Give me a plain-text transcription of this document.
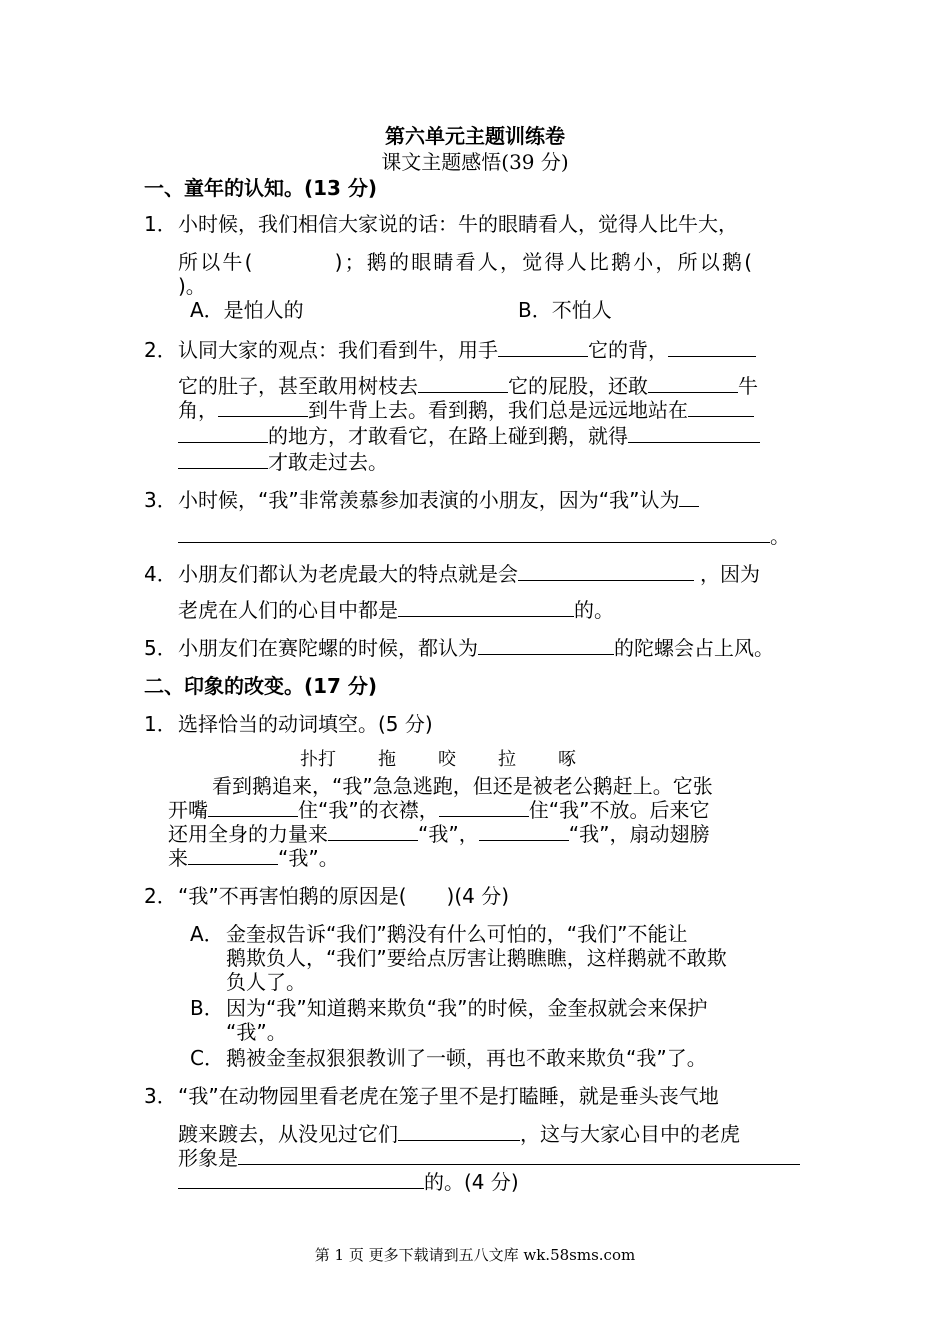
第六单元主题训练卷
课文主题感悟(39 分)
一、童年的认知。(13 分)
1． 小时候，我们相信大家说的话：牛的眼睛看人，觉得人比牛大，
所以牛(	)；鹅的眼睛看人，觉得人比鹅小，所以鹅(
)。
A．是怕人的	B．不怕人
2． 认同大家的观点：我们看到牛，用手	它的背，
它的肚子，甚至敢用树枝去	它的屁股，还敢	牛
角，	到牛背上去。看到鹅，我们总是远远地站在
的地方，才敢看它，在路上碰到鹅，就得
才敢走过去。
3． 小时候，“我”非常羡慕参加表演的小朋友，因为“我”认为
。
4． 小朋友们都认为老虎最大的特点就是会	，因为
老虎在人们的心目中都是	的。
5． 小朋友们在赛陀螺的时候，都认为	的陀螺会占上风。
二、印象的改变。(17 分)
1． 选择恰当的动词填空。(5 分)
扑打 拖 咬 拉 啄
看到鹅追来，“我”急急逃跑，但还是被老公鹅赶上。它张
开嘴	住“我”的衣襟，	住“我”不放。后来它
还用全身的力量来	“我”，	“我”，扇动翅膀
来	“我”。
2． “我”不再害怕鹅的原因是(　　)(4 分)
A． 金奎叔告诉“我们”鹅没有什么可怕的，“我们”不能让
鹅欺负人，“我们”要给点厉害让鹅瞧瞧，这样鹅就不敢欺
负人了。
B． 因为“我”知道鹅来欺负“我”的时候，金奎叔就会来保护
“我”。
C． 鹅被金奎叔狠狠教训了一顿，再也不敢来欺负“我”了。
3． “我”在动物园里看老虎在笼子里不是打瞌睡，就是垂头丧气地
踱来踱去，从没见过它们	，这与大家心目中的老虎
形象是
的。(4 分)
第 1 页 更多下载请到五八文库 wk.58sms.com
